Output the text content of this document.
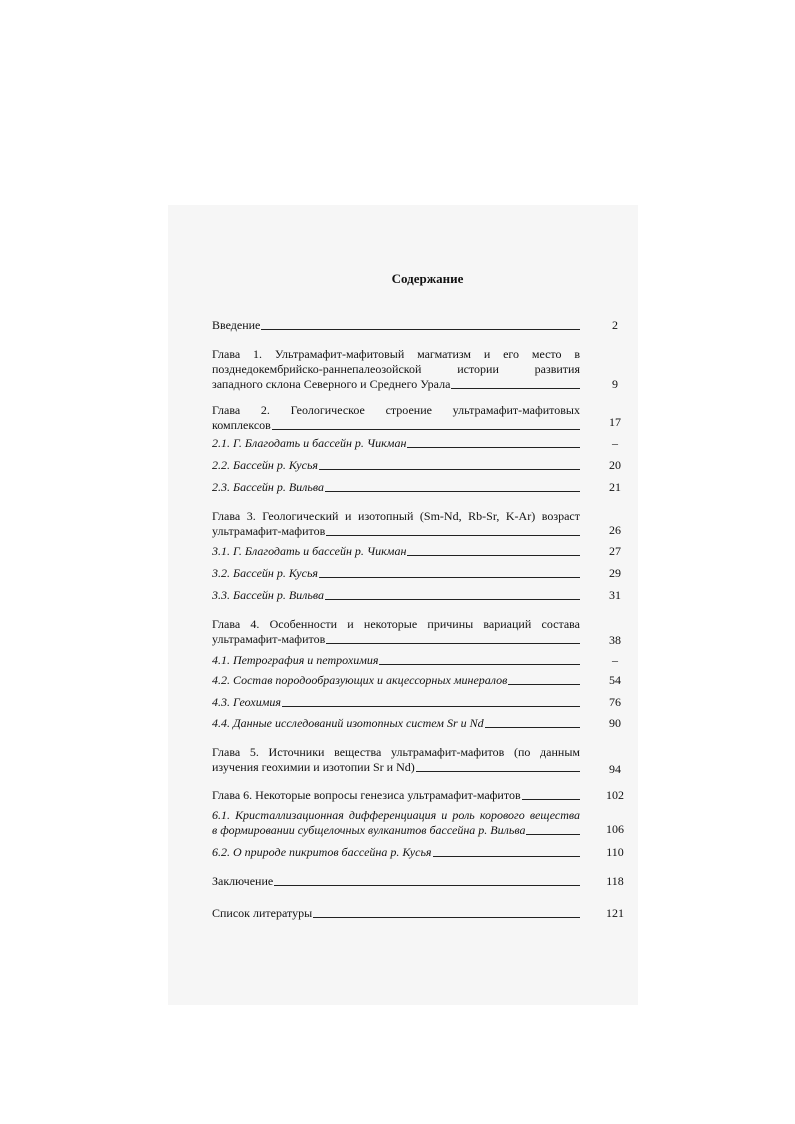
Содержание
Введение	2
Глава 1. Ультрамафит-мафитовый магматизм и его место в
позднедокембрийско-раннепалеозойской истории развития
западного склона Северного и Среднего Урала	9
Глава 2. Геологическое строение ультрамафит-мафитовых
комплексов	17
2.1. Г. Благодать и бассейн р. Чикман	–
2.2. Бассейн р. Кусья	20
2.3. Бассейн р. Вильва	21
Глава 3. Геологический и изотопный (Sm-Nd, Rb-Sr, K-Ar) возраст
ультрамафит-мафитов	26
3.1. Г. Благодать и бассейн р. Чикман	27
3.2. Бассейн р. Кусья	29
3.3. Бассейн р. Вильва	31
Глава 4. Особенности и некоторые причины вариаций состава
ультрамафит-мафитов	38
4.1. Петрография и петрохимия	–
4.2. Состав породообразующих и акцессорных минералов	54
4.3. Геохимия	76
4.4. Данные исследований изотопных систем Sr и Nd	90
Глава 5. Источники вещества ультрамафит-мафитов (по данным
изучения геохимии и изотопии Sr и Nd)	94
Глава 6. Некоторые вопросы генезиса ультрамафит-мафитов	102
6.1. Кристаллизационная дифференциация и роль корового вещества
в формировании субщелочных вулканитов бассейна р. Вильва	106
6.2. О природе пикритов бассейна р. Кусья	110
Заключение	118
Список литературы	121
